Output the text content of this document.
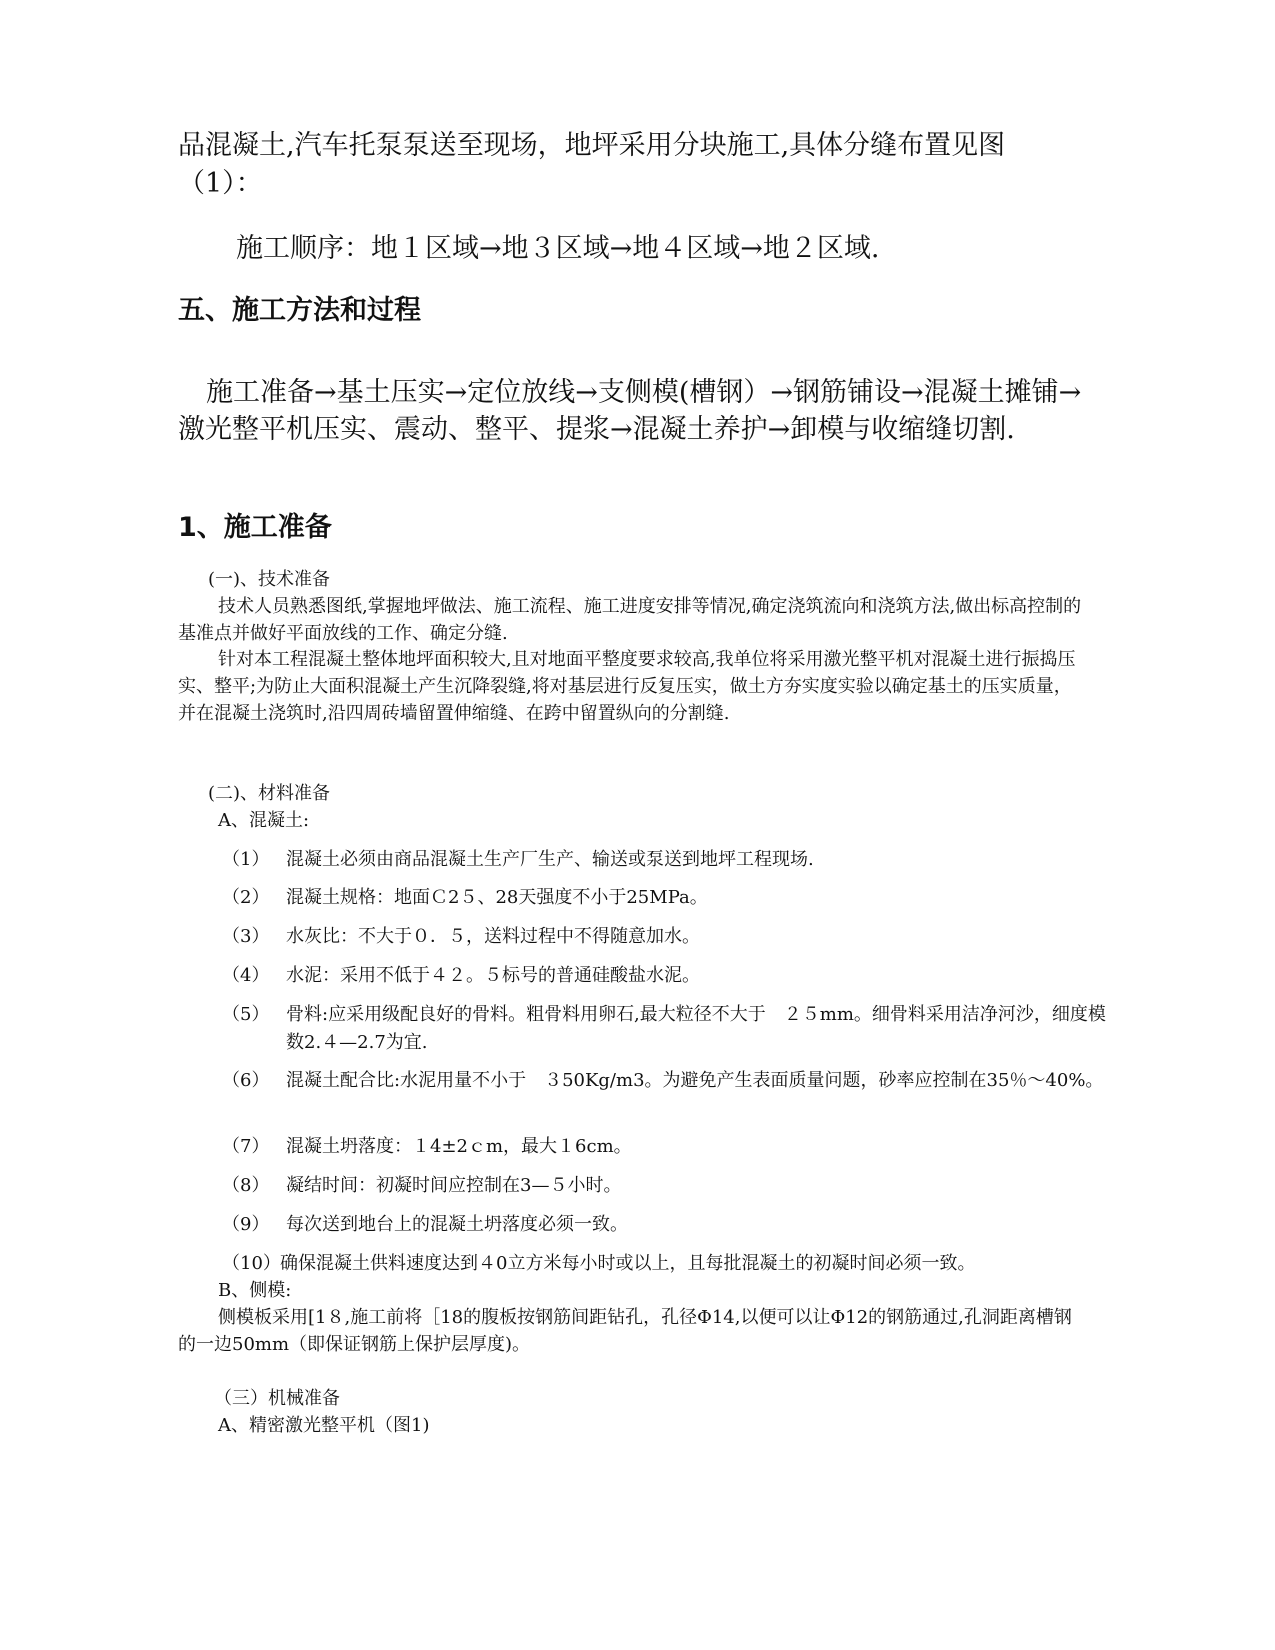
品混凝土,汽车托泵泵送至现场，地坪采用分块施工,具体分缝布置见图

（1）：

施工顺序：地１区域→地３区域→地４区域→地２区域.

五、施工方法和过程

施工准备→基土压实→定位放线→支侧模(槽钢）→钢筋铺设→混凝土摊铺→激光整平机压实、震动、整平、提浆→混凝土养护→卸模与收缩缝切割.

1、施工准备

(一)、技术准备

技术人员熟悉图纸,掌握地坪做法、施工流程、施工进度安排等情况,确定浇筑流向和浇筑方法,做出标高控制的基准点并做好平面放线的工作、确定分缝.

针对本工程混凝土整体地坪面积较大,且对地面平整度要求较高,我单位将采用激光整平机对混凝土进行振捣压实、整平;为防止大面积混凝土产生沉降裂缝,将对基层进行反复压实，做土方夯实度实验以确定基土的压实质量，并在混凝土浇筑时,沿四周砖墙留置伸缩缝、在跨中留置纵向的分割缝.

(二)、材料准备

A、混凝土:

（1） 混凝土必须由商品混凝土生产厂生产、输送或泵送到地坪工程现场.
（2） 混凝土规格：地面Ｃ2５、28天强度不小于25MPa。
（3） 水灰比：不大于０．５，送料过程中不得随意加水。
（4） 水泥：采用不低于４２。５标号的普通硅酸盐水泥。
（5） 骨料:应采用级配良好的骨料。粗骨料用卵石,最大粒径不大于　２５mm。细骨料采用洁净河沙，细度模数2.４—2.7为宜.
（6） 混凝土配合比:水泥用量不小于　３50Kg/m3。为避免产生表面质量问题，砂率应控制在35％～40%。
（7） 混凝土坍落度：１4±2ｃm，最大１6cm。
（8） 凝结时间：初凝时间应控制在3—５小时。
（9） 每次送到地台上的混凝土坍落度必须一致。
（10） 确保混凝土供料速度达到４0立方米每小时或以上，且每批混凝土的初凝时间必须一致。

B、侧模:

侧模板采用[1８,施工前将［18的腹板按钢筋间距钻孔，孔径Φ14,以便可以让Φ12的钢筋通过,孔洞距离槽钢的一边50mm（即保证钢筋上保护层厚度)。

（三）机械准备

A、精密激光整平机（图1)
